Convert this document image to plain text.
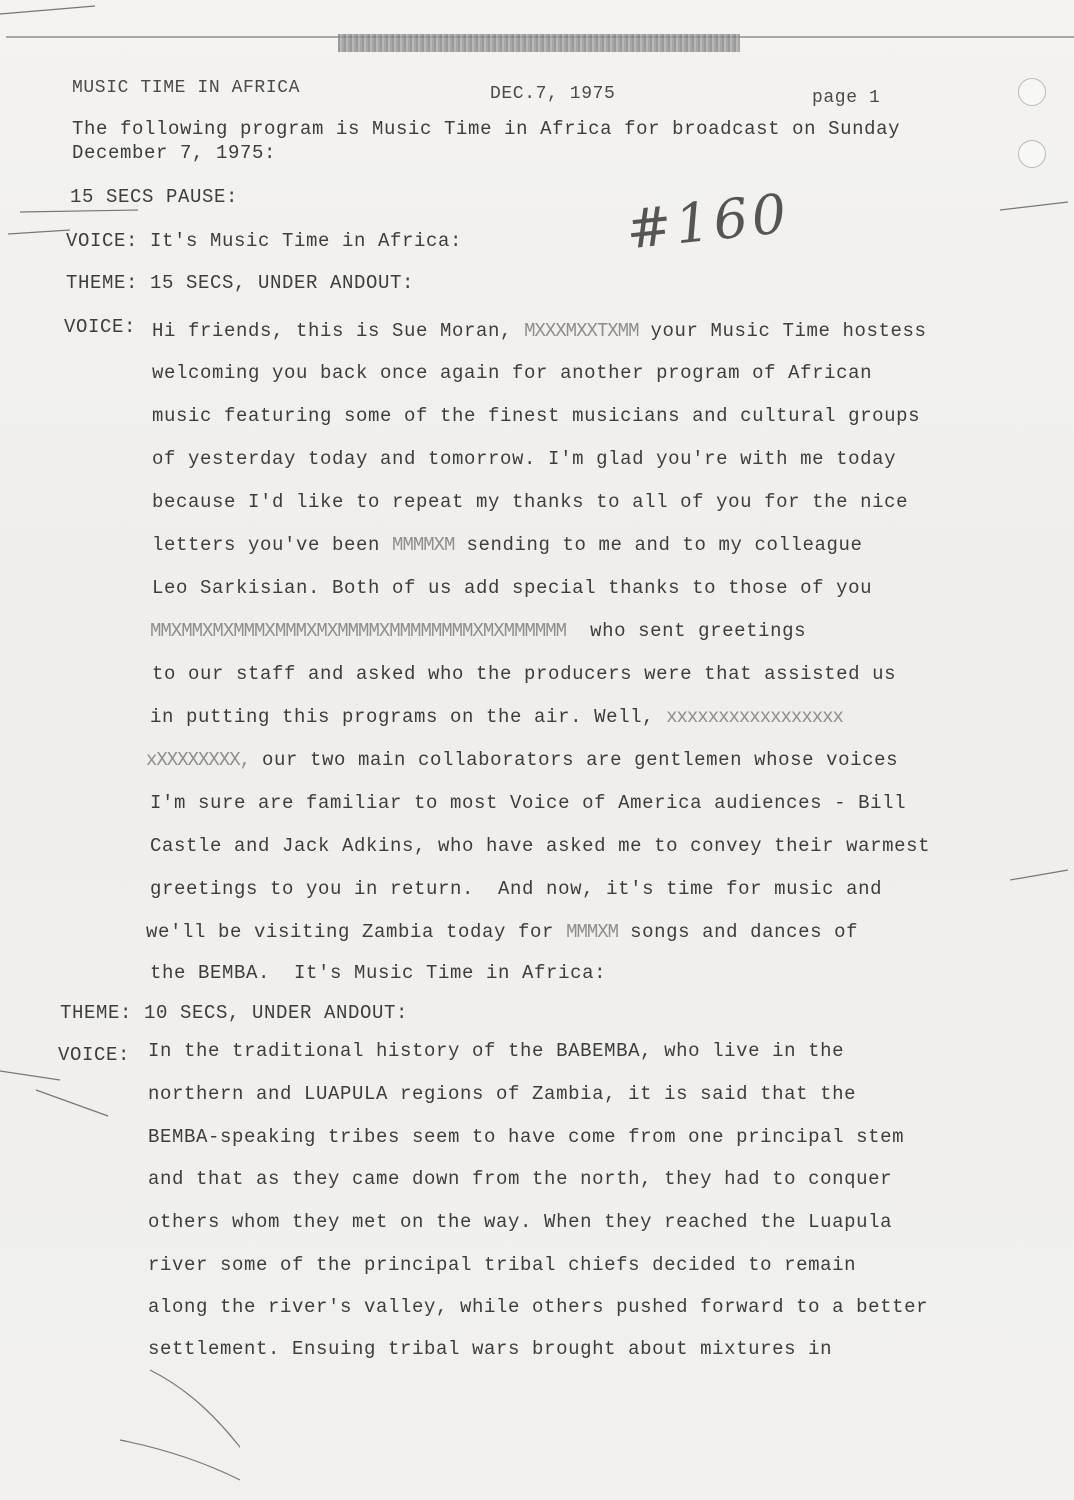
MUSIC TIME IN AFRICA	DEC.7, 1975	page 1
The following program is Music Time in Africa for broadcast on Sunday
December 7, 1975:
15 SECS PAUSE:	#160
VOICE: It's Music Time in Africa:
THEME: 15 SECS, UNDER ANDOUT:
VOICE: Hi friends, this is Sue Moran, MXXXMXXTXMM your Music Time hostess
welcoming you back once again for another program of African
music featuring some of the finest musicians and cultural groups
of yesterday today and tomorrow. I'm glad you're with me today
because I'd like to repeat my thanks to all of you for the nice
letters you've been MMMMXM sending to me and to my colleague
Leo Sarkisian. Both of us add special thanks to those of you
MMXMMXMXMMMXMMMXMXMMMMXMMMMMMMMXMXMMMMMM  who sent greetings
to our staff and asked who the producers were that assisted us
in putting this programs on the air. Well, xxxxxxxxxxxxxxxxx
xXXXXXXXX, our two main collaborators are gentlemen whose voices
I'm sure are familiar to most Voice of America audiences - Bill
Castle and Jack Adkins, who have asked me to convey their warmest
greetings to you in return.  And now, it's time for music and
we'll be visiting Zambia today for MMMXM songs and dances of
the BEMBA.  It's Music Time in Africa:
THEME: 10 SECS, UNDER ANDOUT:
VOICE: In the traditional history of the BABEMBA, who live in the
northern and LUAPULA regions of Zambia, it is said that the
BEMBA-speaking tribes seem to have come from one principal stem
and that as they came down from the north, they had to conquer
others whom they met on the way. When they reached the Luapula
river some of the principal tribal chiefs decided to remain
along the river's valley, while others pushed forward to a better
settlement. Ensuing tribal wars brought about mixtures in
